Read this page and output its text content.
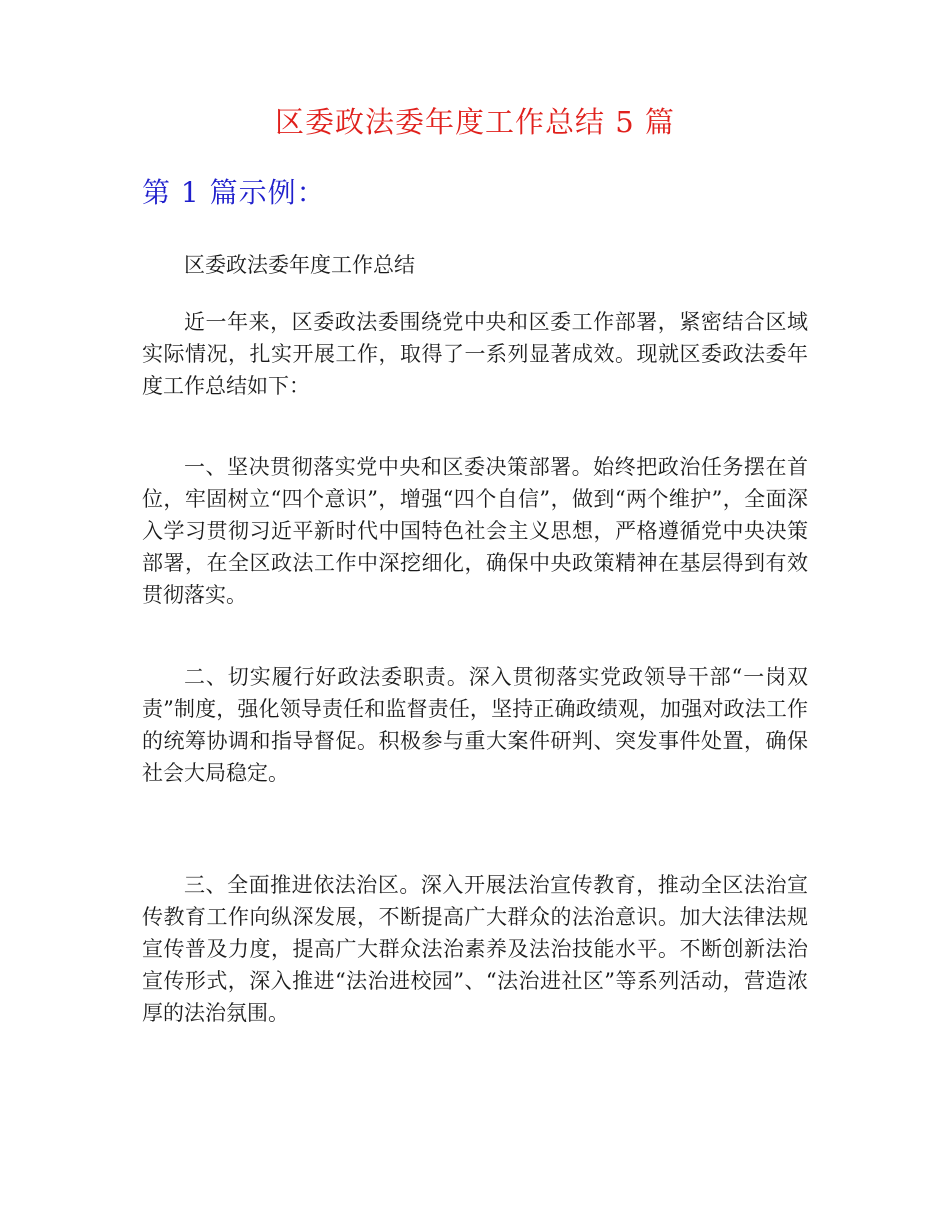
区委政法委年度工作总结 5 篇
第 1 篇示例：

区委政法委年度工作总结

近一年来，区委政法委围绕党中央和区委工作部署，紧密结合区域实际情况，扎实开展工作，取得了一系列显著成效。现就区委政法委年度工作总结如下：

一、坚决贯彻落实党中央和区委决策部署。始终把政治任务摆在首位，牢固树立“四个意识”，增强“四个自信”，做到“两个维护”，全面深入学习贯彻习近平新时代中国特色社会主义思想，严格遵循党中央决策部署，在全区政法工作中深挖细化，确保中央政策精神在基层得到有效贯彻落实。

二、切实履行好政法委职责。深入贯彻落实党政领导干部“一岗双责”制度，强化领导责任和监督责任，坚持正确政绩观，加强对政法工作的统筹协调和指导督促。积极参与重大案件研判、突发事件处置，确保社会大局稳定。

三、全面推进依法治区。深入开展法治宣传教育，推动全区法治宣传教育工作向纵深发展，不断提高广大群众的法治意识。加大法律法规宣传普及力度，提高广大群众法治素养及法治技能水平。不断创新法治宣传形式，深入推进“法治进校园”、“法治进社区”等系列活动，营造浓厚的法治氛围。
